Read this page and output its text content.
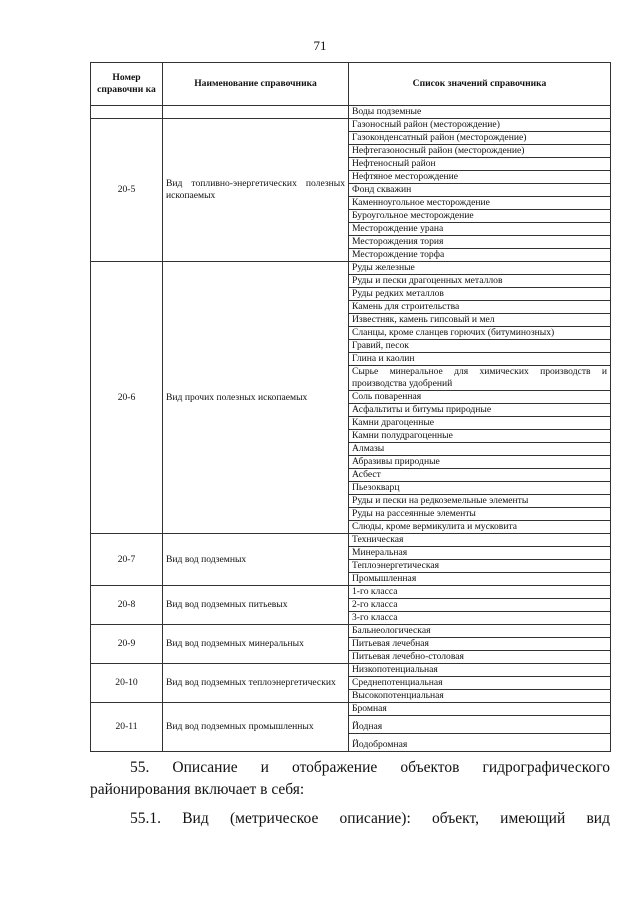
71
Номер справочни ка	Наименование справочника	Список значений справочника
		Воды подземные
20-5	Вид топливно-энергетических полезных ископаемых	Газоносный район (месторождение)
		Газоконденсатный район (месторождение)
		Нефтегазоносный район (месторождение)
		Нефтеносный район
		Нефтяное месторождение
		Фонд скважин
		Каменноугольное месторождение
		Буроугольное месторождение
		Месторождение урана
		Месторождения тория
		Месторождение торфа
20-6	Вид прочих полезных ископаемых	Руды железные
		Руды и пески драгоценных металлов
		Руды редких металлов
		Камень для строительства
		Известняк, камень гипсовый и мел
		Сланцы, кроме сланцев горючих (битуминозных)
		Гравий, песок
		Глина и каолин
		Сырье минеральное для химических производств и производства удобрений
		Соль поваренная
		Асфальтиты и битумы природные
		Камни драгоценные
		Камни полудрагоценные
		Алмазы
		Абразивы природные
		Асбест
		Пьезокварц
		Руды и пески на редкоземельные элементы
		Руды на рассеянные элементы
		Слюды, кроме вермикулита и мусковита
20-7	Вид вод подземных	Техническая
		Минеральная
		Теплоэнергетическая
		Промышленная
20-8	Вид вод подземных питьевых	1-го класса
		2-го класса
		3-го класса
20-9	Вид вод подземных минеральных	Бальнеологическая
		Питьевая лечебная
		Питьевая лечебно-столовая
20-10	Вид вод подземных теплоэнергетических	Низкопотенциальная
		Среднепотенциальная
		Высокопотенциальная
20-11	Вид вод подземных промышленных	Бромная
		Йодная
		Йодобромная
55. Описание и отображение объектов гидрографического районирования включает в себя:
55.1. Вид (метрическое описание): объект, имеющий вид
